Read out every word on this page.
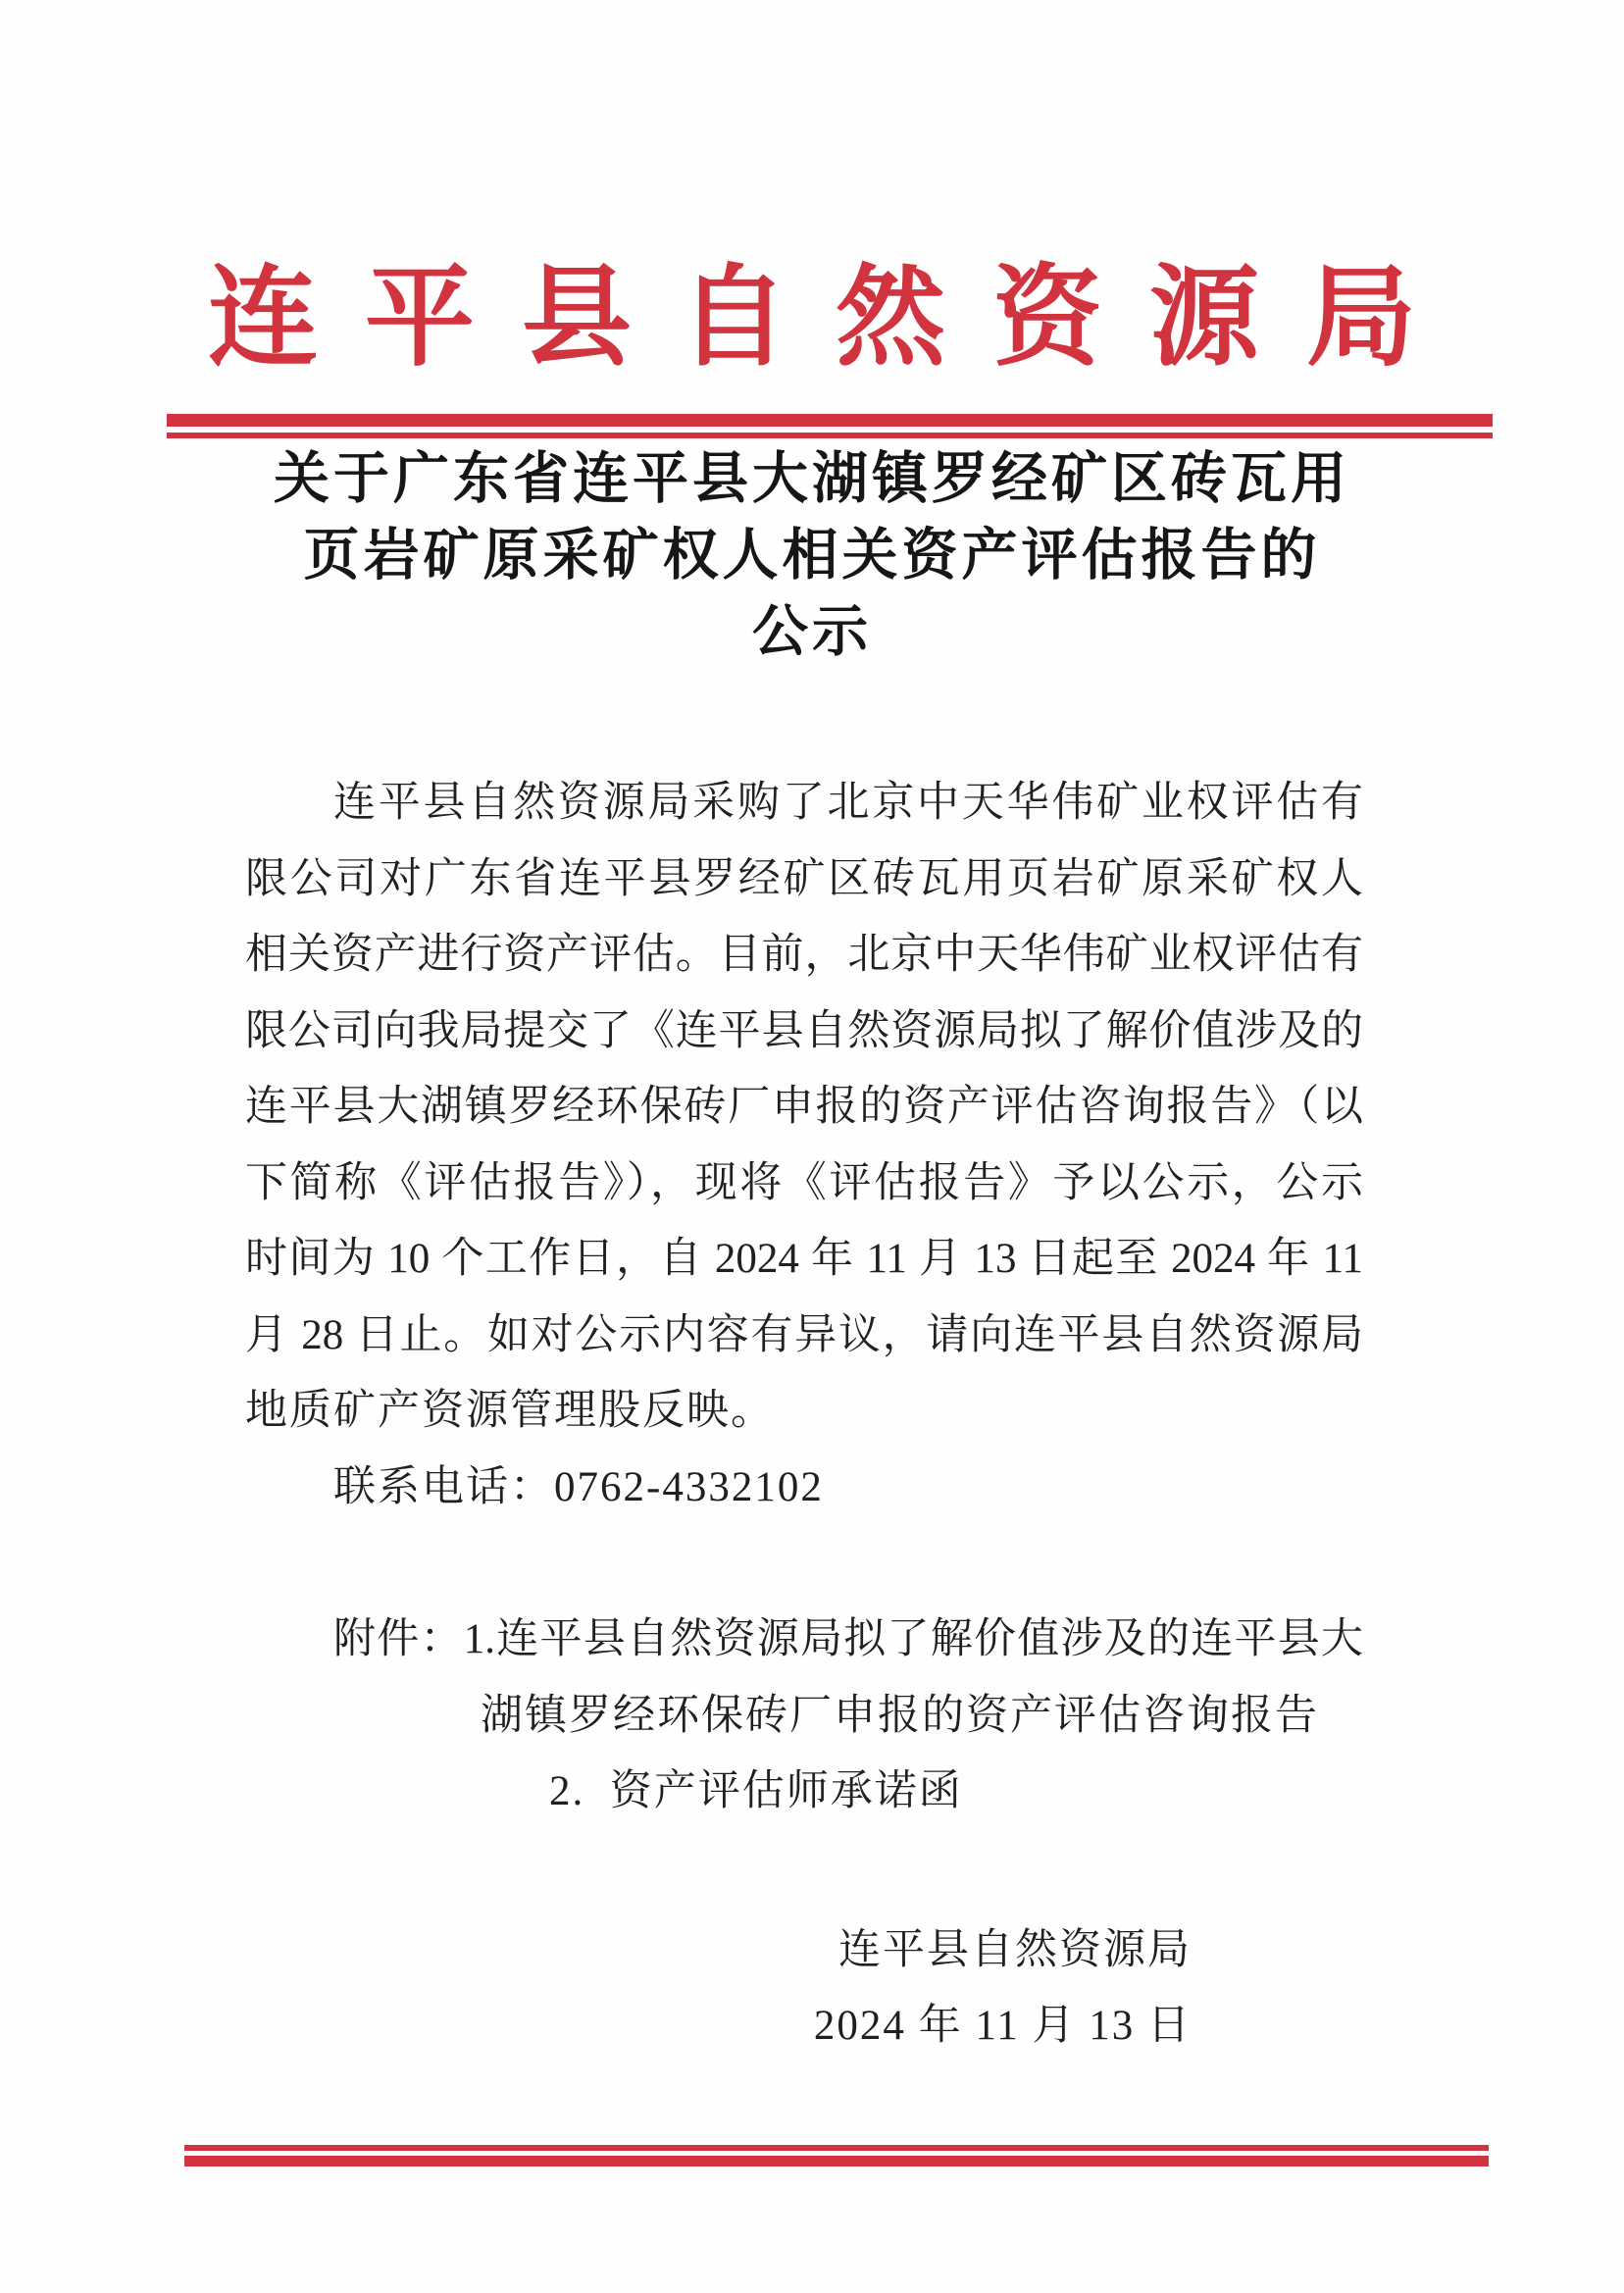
连平县自然资源局
关于广东省连平县大湖镇罗经矿区砖瓦用
页岩矿原采矿权人相关资产评估报告的
公示
连平县自然资源局采购了北京中天华伟矿业权评估有
限公司对广东省连平县罗经矿区砖瓦用页岩矿原采矿权人
相关资产进行资产评估。目前，北京中天华伟矿业权评估有
限公司向我局提交了《连平县自然资源局拟了解价值涉及的
连平县大湖镇罗经环保砖厂申报的资产评估咨询报告》（以
下简称《评估报告》），现将《评估报告》予以公示，公示
时间为 10 个工作日，自 2024 年 11 月 13 日起至 2024 年 11
月 28 日止。如对公示内容有异议，请向连平县自然资源局
地质矿产资源管理股反映。
联系电话：0762-4332102
附件：1.连平县自然资源局拟了解价值涉及的连平县大
湖镇罗经环保砖厂申报的资产评估咨询报告
2.  资产评估师承诺函
连平县自然资源局
2024 年 11 月 13 日
